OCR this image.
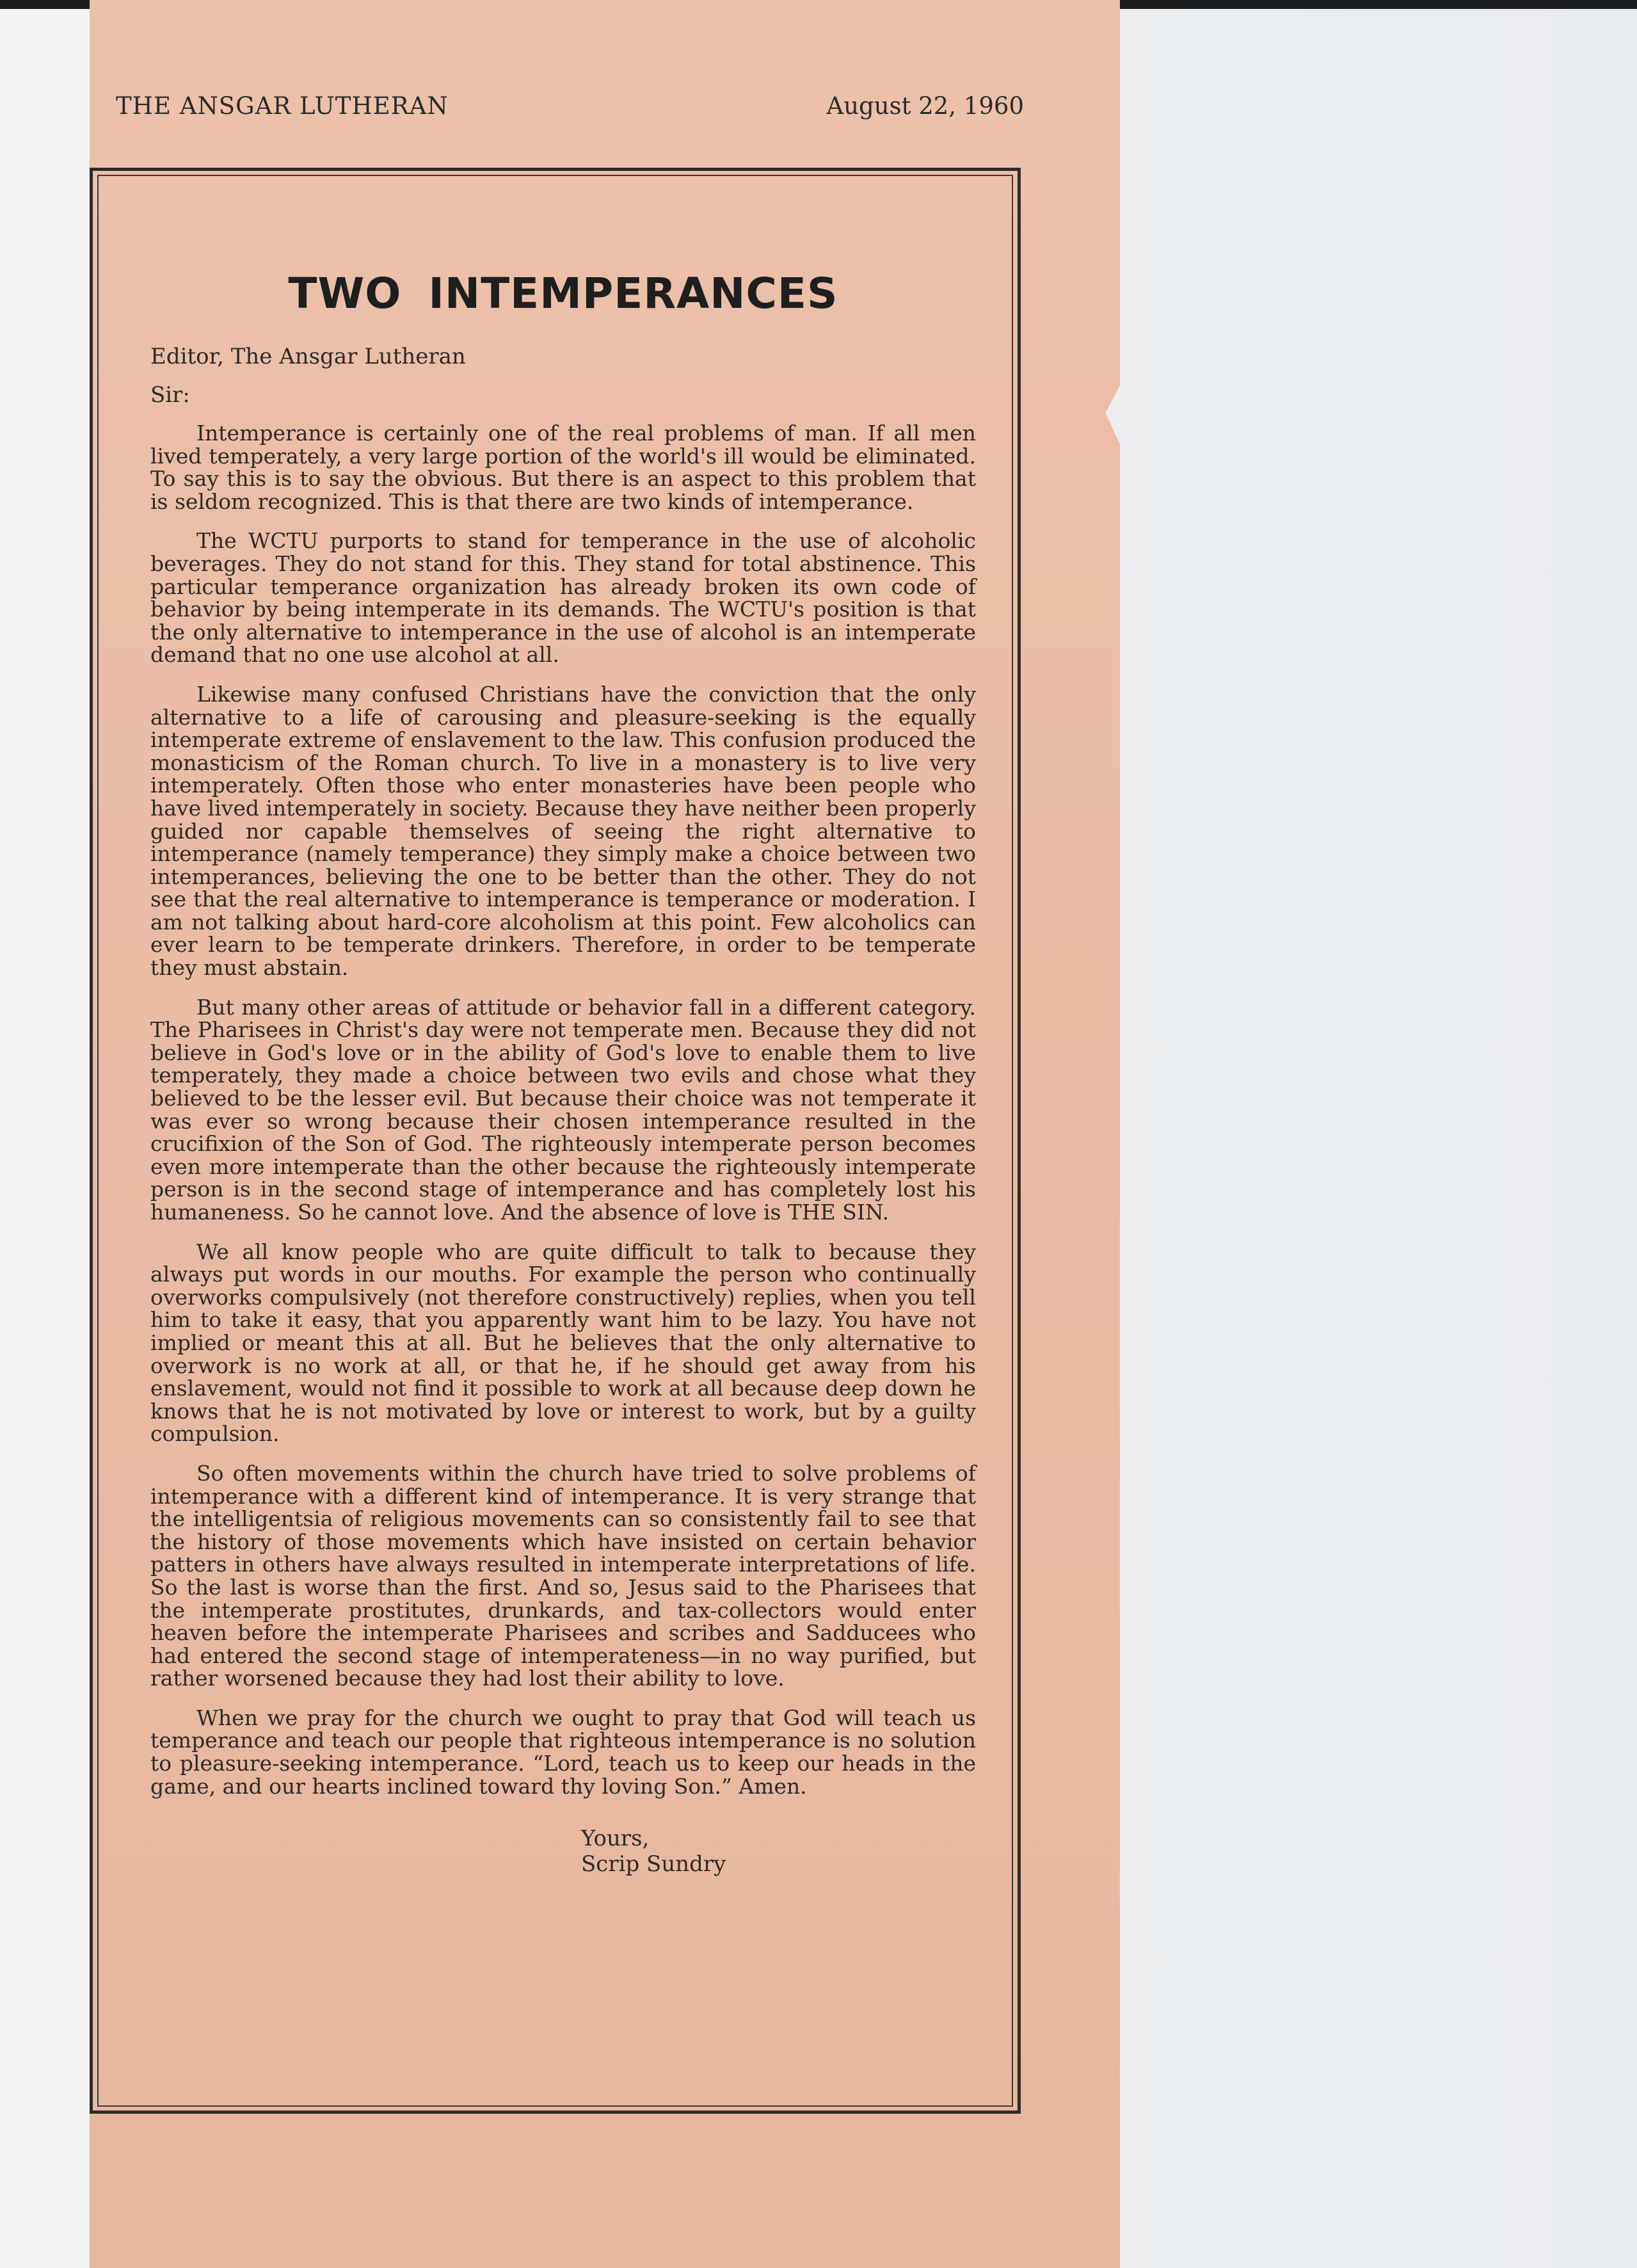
THE ANSGAR LUTHERAN	August 22, 1960
TWO INTEMPERANCES

Editor, The Ansgar Lutheran

Sir:

Intemperance is certainly one of the real problems of man. If all men lived temperately, a very large portion of the world's ill would be eliminated. To say this is to say the obvious. But there is an aspect to this problem that is seldom recognized. This is that there are two kinds of intemperance.

The WCTU purports to stand for temperance in the use of alcoholic beverages. They do not stand for this. They stand for total abstinence. This particular temperance organization has already broken its own code of behavior by being intemperate in its demands. The WCTU's position is that the only alternative to intemperance in the use of alcohol is an intemperate demand that no one use alcohol at all.

Likewise many confused Christians have the conviction that the only alternative to a life of carousing and pleasure-seeking is the equally intemperate extreme of enslavement to the law. This confusion produced the monasticism of the Roman church. To live in a monastery is to live very intemperately. Often those who enter monasteries have been people who have lived intemperately in society. Because they have neither been properly guided nor capable themselves of seeing the right alternative to intemperance (namely temperance) they simply make a choice between two intemperances, believing the one to be better than the other. They do not see that the real alternative to intemperance is temperance or moderation. I am not talking about hard-core alcoholism at this point. Few alcoholics can ever learn to be temperate drinkers. Therefore, in order to be temperate they must abstain.

But many other areas of attitude or behavior fall in a different category. The Pharisees in Christ's day were not temperate men. Because they did not believe in God's love or in the ability of God's love to enable them to live temperately, they made a choice between two evils and chose what they believed to be the lesser evil. But because their choice was not temperate it was ever so wrong because their chosen intemperance resulted in the crucifixion of the Son of God. The righteously intemperate person becomes even more intemperate than the other because the righteously intemperate person is in the second stage of intemperance and has completely lost his humaneness. So he cannot love. And the absence of love is THE SIN.

We all know people who are quite difficult to talk to because they always put words in our mouths. For example the person who continually overworks compulsively (not therefore constructively) replies, when you tell him to take it easy, that you apparently want him to be lazy. You have not implied or meant this at all. But he believes that the only alternative to overwork is no work at all, or that he, if he should get away from his enslavement, would not find it possible to work at all because deep down he knows that he is not motivated by love or interest to work, but by a guilty compulsion.

So often movements within the church have tried to solve problems of intemperance with a different kind of intemperance. It is very strange that the intelligentsia of religious movements can so consistently fail to see that the history of those movements which have insisted on certain behavior patters in others have always resulted in intemperate interpretations of life. So the last is worse than the first. And so, Jesus said to the Pharisees that the intemperate prostitutes, drunkards, and tax-collectors would enter heaven before the intemperate Pharisees and scribes and Sadducees who had entered the second stage of intemperateness—in no way purified, but rather worsened because they had lost their ability to love.

When we pray for the church we ought to pray that God will teach us temperance and teach our people that righteous intemperance is no solution to pleasure-seeking intemperance. “Lord, teach us to keep our heads in the game, and our hearts inclined toward thy loving Son.” Amen.

Yours,
Scrip Sundry
